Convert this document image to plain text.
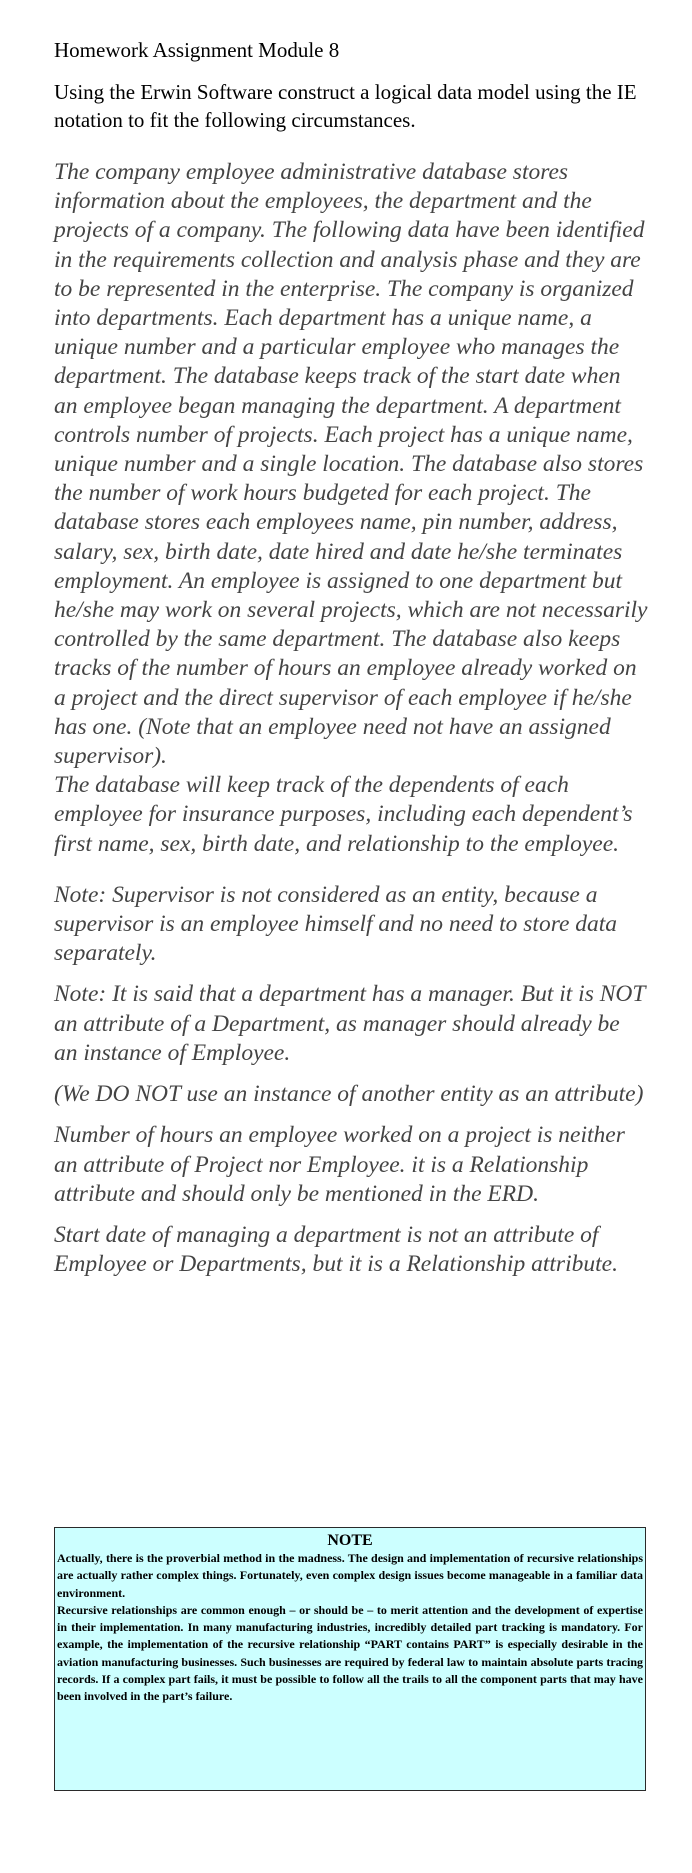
Homework Assignment Module 8

Using the Erwin Software construct a logical data model using the IE notation to fit the following circumstances.

The company employee administrative database stores information about the employees, the department and the projects of a company. The following data have been identified in the requirements collection and analysis phase and they are to be represented in the enterprise. The company is organized into departments. Each department has a unique name, a unique number and a particular employee who manages the department. The database keeps track of the start date when an employee began managing the department. A department controls number of projects. Each project has a unique name, unique number and a single location. The database also stores the number of work hours budgeted for each project. The database stores each employees name, pin number, address, salary, sex, birth date, date hired and date he/she terminates employment. An employee is assigned to one department but he/she may work on several projects, which are not necessarily controlled by the same department. The database also keeps tracks of the number of hours an employee already worked on a project and the direct supervisor of each employee if he/she has one. (Note that an employee need not have an assigned supervisor).

The database will keep track of the dependents of each employee for insurance purposes, including each dependent’s first name, sex, birth date, and relationship to the employee.

Note: Supervisor is not considered as an entity, because a supervisor is an employee himself and no need to store data separately.

Note: It is said that a department has a manager. But it is NOT an attribute of a Department, as manager should already be an instance of Employee.

(We DO NOT use an instance of another entity as an attribute)

Number of hours an employee worked on a project is neither an attribute of Project nor Employee. it is a Relationship attribute and should only be mentioned in the ERD.

Start date of managing a department is not an attribute of Employee or Departments, but it is a Relationship attribute.

NOTE

Actually, there is the proverbial method in the madness. The design and implementation of recursive relationships are actually rather complex things. Fortunately, even complex design issues become manageable in a familiar data environment.

Recursive relationships are common enough – or should be – to merit attention and the development of expertise in their implementation. In many manufacturing industries, incredibly detailed part tracking is mandatory. For example, the implementation of the recursive relationship “PART contains PART” is especially desirable in the aviation manufacturing businesses. Such businesses are required by federal law to maintain absolute parts tracing records. If a complex part fails, it must be possible to follow all the trails to all the component parts that may have been involved in the part’s failure.
